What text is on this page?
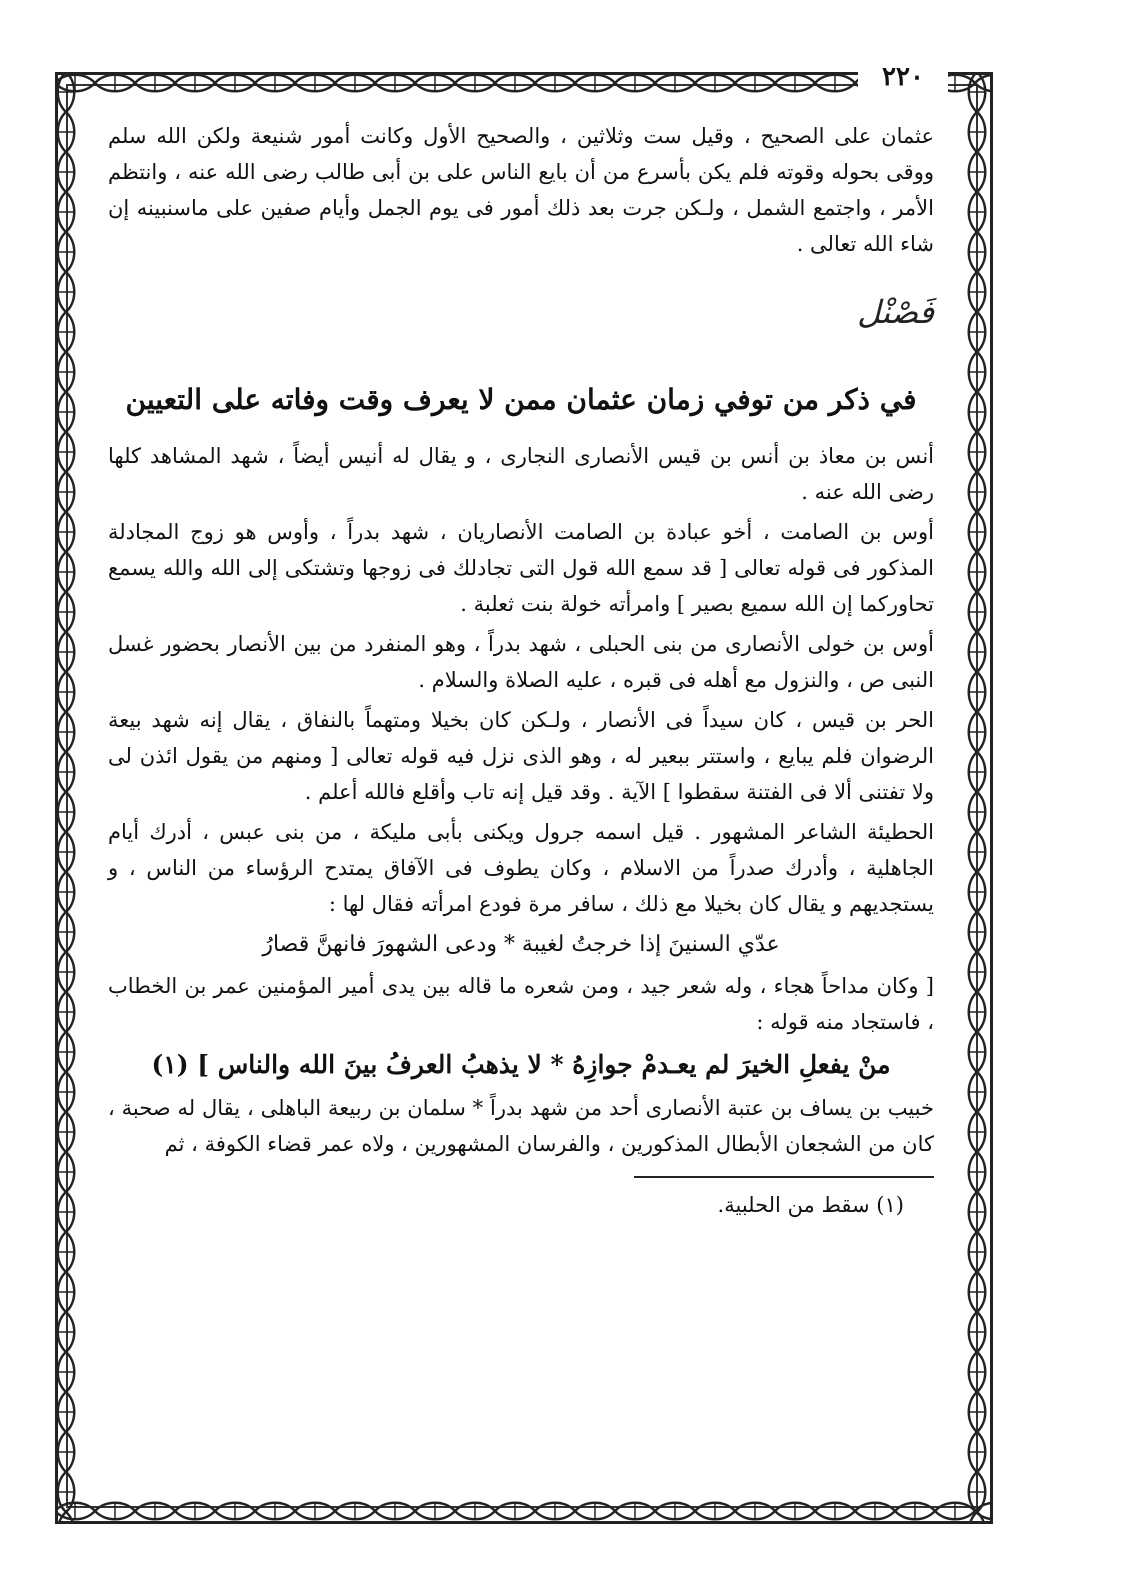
٢٢٠

عثمان على الصحيح ، وقيل ست وثلاثين ، والصحيح الأول وكانت أمور شنيعة ولكن الله سلم ووقى بحوله وقوته فلم يكن بأسرع من أن بايع الناس على بن أبى طالب رضى الله عنه ، وانتظم الأمر ، واجتمع الشمل ، ولـكن جرت بعد ذلك أمور فى يوم الجمل وأيام صفين على ماسنبينه إن شاء الله تعالى .

فَصْنْل
في ذكر من توفي زمان عثمان ممن لا يعرف وقت وفاته على التعيين

أنس بن معاذ بن أنس بن قيس الأنصارى النجارى ، و يقال له أنيس أيضاً ، شهد المشاهد كلها رضى الله عنه .

أوس بن الصامت ، أخو عبادة بن الصامت الأنصاريان ، شهد بدراً ، وأوس هو زوج المجادلة المذكور فى قوله تعالى [ قد سمع الله قول التى تجادلك فى زوجها وتشتكى إلى الله والله يسمع تحاوركما إن الله سميع بصير ] وامرأته خولة بنت ثعلبة .

أوس بن خولى الأنصارى من بنى الحبلى ، شهد بدراً ، وهو المنفرد من بين الأنصار بحضور غسل النبى ص ، والنزول مع أهله فى قبره ، عليه الصلاة والسلام .

الحر بن قيس ، كان سيداً فى الأنصار ، ولـكن كان بخيلا ومتهماً بالنفاق ، يقال إنه شهد بيعة الرضوان فلم يبايع ، واستتر ببعير له ، وهو الذى نزل فيه قوله تعالى [ ومنهم من يقول ائذن لى ولا تفتنى ألا فى الفتنة سقطوا ] الآية . وقد قيل إنه تاب وأقلع فالله أعلم .

الحطيئة الشاعر المشهور . قيل اسمه جرول ويكنى بأبى مليكة ، من بنى عبس ، أدرك أيام الجاهلية ، وأدرك صدراً من الاسلام ، وكان يطوف فى الآفاق يمتدح الرؤساء من الناس ، و يستجديهم و يقال كان بخيلا مع ذلك ، سافر مرة فودع امرأته فقال لها :

عدّي السنينَ إذا خرجتُ لغيبة * ودعى الشهورَ فانهنَّ قصارُ

[ وكان مداحاً هجاء ، وله شعر جيد ، ومن شعره ما قاله بين يدى أمير المؤمنين عمر بن الخطاب ، فاستجاد منه قوله :

منْ يفعلِ الخيرَ لم يعـدمْ جوازِهُ * لا يذهبُ العرفُ بينَ الله والناس ] (١)

خبيب بن يساف بن عتبة الأنصارى أحد من شهد بدراً * سلمان بن ربيعة الباهلى ، يقال له صحبة ، كان من الشجعان الأبطال المذكورين ، والفرسان المشهورين ، ولاه عمر قضاء الكوفة ، ثم

(١) سقط من الحلبية.
